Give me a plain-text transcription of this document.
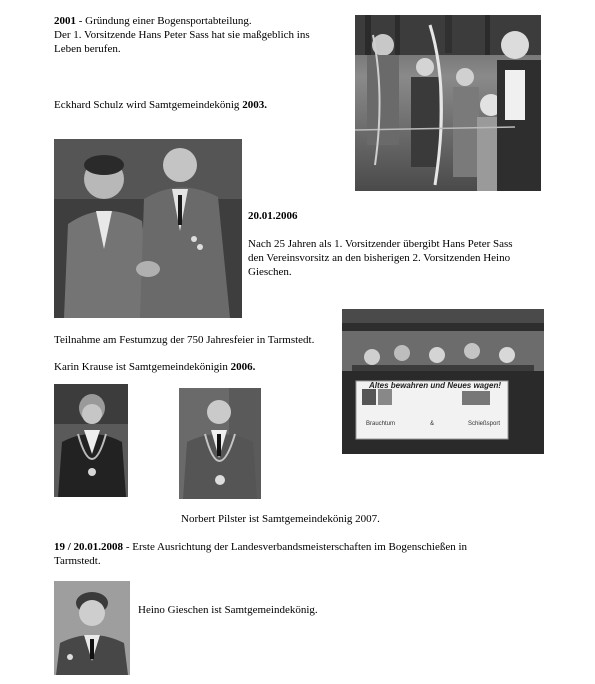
2001 - Gründung einer Bogensportabteilung.
Der 1. Vorsitzende Hans Peter Sass hat sie maßgeblich ins
Leben berufen.
Eckhard Schulz wird Samtgemeindekönig 2003.
20.01.2006
Nach 25 Jahren als 1. Vorsitzender übergibt Hans Peter Sass
den Vereinsvorsitz an den bisherigen 2. Vorsitzenden Heino
Gieschen.
Teilnahme am Festumzug der 750 Jahresfeier in Tarmstedt.
Karin Krause ist Samtgemeindekönigin 2006.
Norbert Pilster ist Samtgemeindekönig 2007.
19 / 20.01.2008 - Erste Ausrichtung der Landesverbandsmeisterschaften im Bogenschießen in
Tarmstedt.
Heino Gieschen ist Samtgemeindekönig.
Altes bewahren und Neues wagen!
Brauchtum	&	Schießsport
